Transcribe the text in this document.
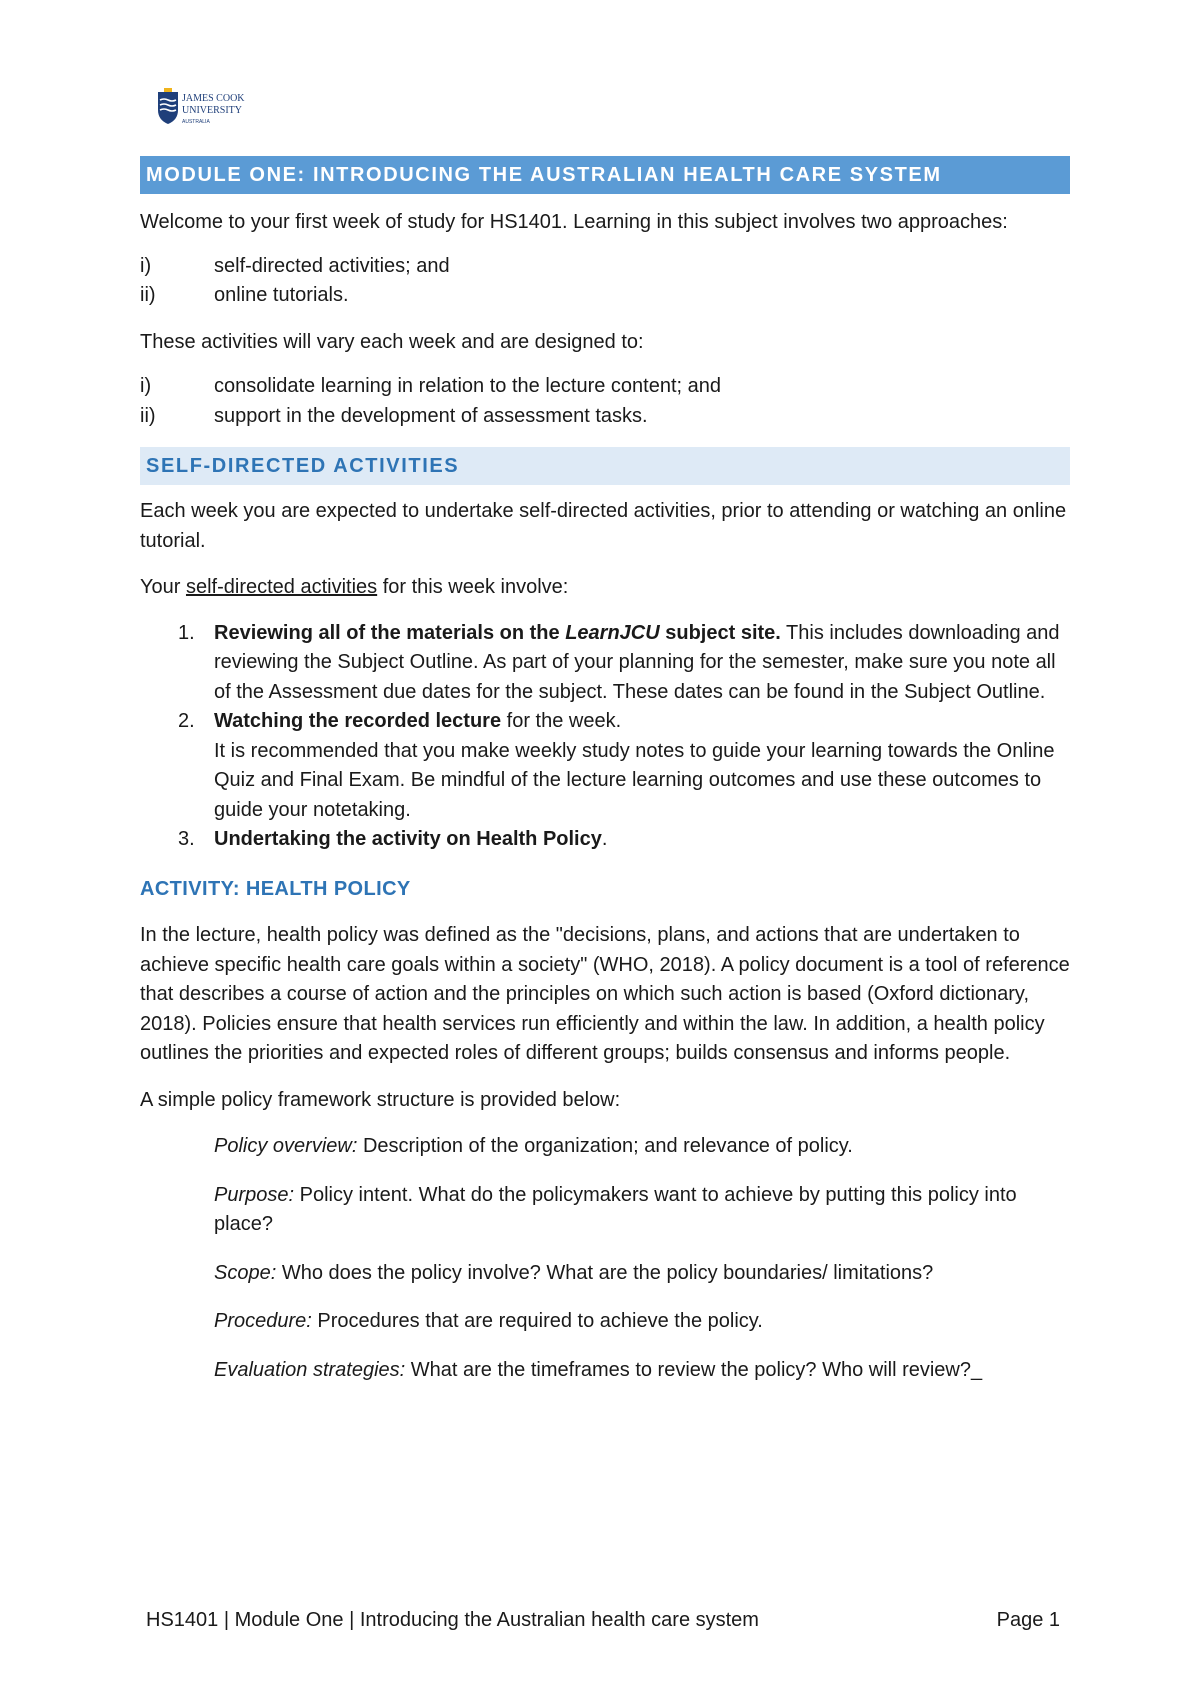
JAMES COOK
UNIVERSITY
AUSTRALIA
MODULE ONE: INTRODUCING THE AUSTRALIAN HEALTH CARE SYSTEM

Welcome to your first week of study for HS1401. Learning in this subject involves two approaches:

i)	self-directed activities; and
ii)	online tutorials.

These activities will vary each week and are designed to:

i)	consolidate learning in relation to the lecture content; and
ii)	support in the development of assessment tasks.
SELF-DIRECTED ACTIVITIES

Each week you are expected to undertake self-directed activities, prior to attending or watching an online tutorial.

Your self-directed activities for this week involve:

1. Reviewing all of the materials on the LearnJCU subject site. This includes downloading and reviewing the Subject Outline. As part of your planning for the semester, make sure you note all of the Assessment due dates for the subject. These dates can be found in the Subject Outline.
2. Watching the recorded lecture for the week.
It is recommended that you make weekly study notes to guide your learning towards the Online Quiz and Final Exam. Be mindful of the lecture learning outcomes and use these outcomes to guide your notetaking.
3. Undertaking the activity on Health Policy.

ACTIVITY: HEALTH POLICY

In the lecture, health policy was defined as the "decisions, plans, and actions that are undertaken to achieve specific health care goals within a society" (WHO, 2018). A policy document is a tool of reference that describes a course of action and the principles on which such action is based (Oxford dictionary, 2018). Policies ensure that health services run efficiently and within the law. In addition, a health policy outlines the priorities and expected roles of different groups; builds consensus and informs people.

A simple policy framework structure is provided below:

Policy overview: Description of the organization; and relevance of policy.

Purpose: Policy intent. What do the policymakers want to achieve by putting this policy into place?

Scope: Who does the policy involve? What are the policy boundaries/ limitations?

Procedure: Procedures that are required to achieve the policy.

Evaluation strategies: What are the timeframes to review the policy? Who will review?_

HS1401 | Module One | Introducing the Australian health care system	Page 1
